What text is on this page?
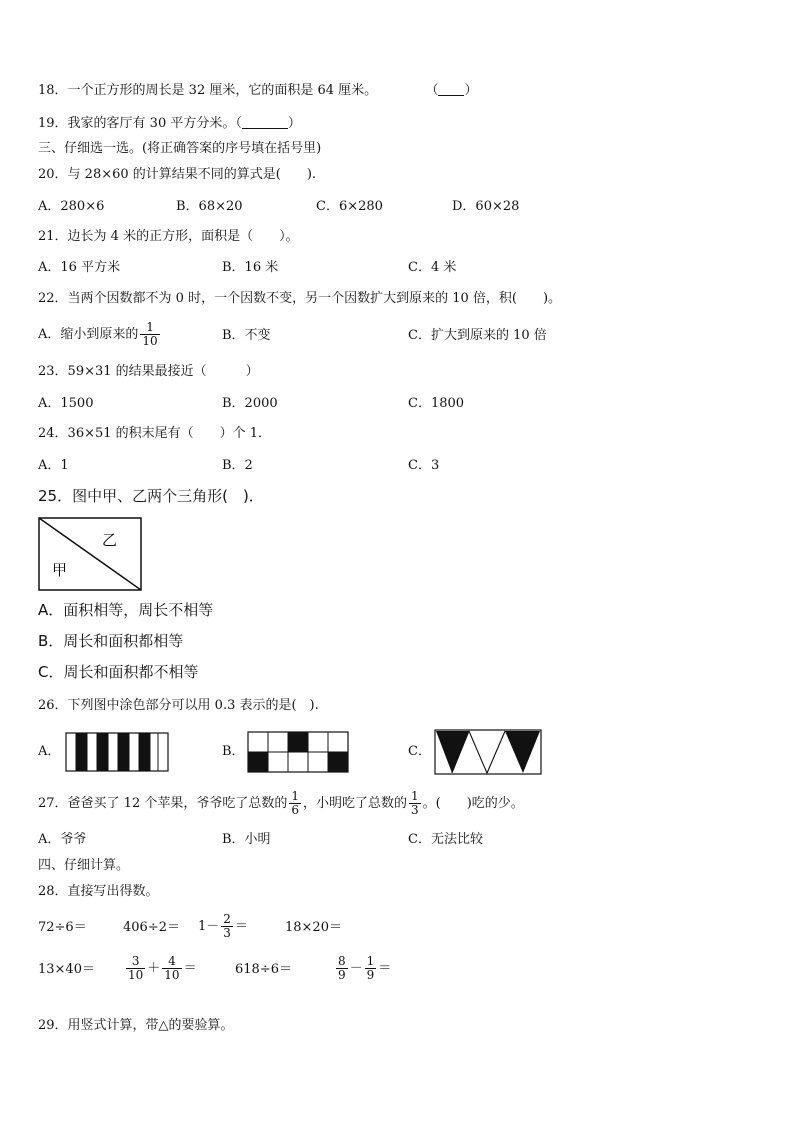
18．一个正方形的周长是 32 厘米，它的面积是 64 厘米。	（ ）
19．我家的客厅有 30 平方分米。（	）
三、仔细选一选。(将正确答案的序号填在括号里)
20．与 28×60 的计算结果不同的算式是(　　).
A．280×6	B．68×20	C．6×280	D．60×28
21．边长为 4 米的正方形，面积是（　　）。
A．16 平方米	B．16 米	C．4 米
22．当两个因数都不为 0 时，一个因数不变，另一个因数扩大到原来的 10 倍，积(　　)。
A．缩小到原来的 $\frac{1}{10}$	B．不变	C．扩大到原来的 10 倍
23．59×31 的结果最接近（　　　）
A．1500	B．2000	C．1800
24．36×51 的积末尾有（　　）个 1．
A．1	B．2	C．3
25．图中甲、乙两个三角形(　)．
乙
甲
A．面积相等，周长不相等
B．周长和面积都相等
C．周长和面积都不相等
26．下列图中涂色部分可以用 0.3 表示的是(　).
A．	B．	C．
27．爸爸买了 12 个苹果，爷爷吃了总数的 $\frac{1}{6}$ ，小明吃了总数的 $\frac{1}{3}$ 。(　　)吃的少。
A．爷爷	B．小明	C．无法比较
四、仔细计算。
28．直接写出得数。
72÷6＝	$406\div 2= 1- \frac{2}{3}$ ＝	18×20＝
13×40＝	$\frac{3}{10} + \frac{4}{10}$ ＝	618÷6＝	$\frac{8}{9} - \frac{1}{9}$ ＝
29．用竖式计算，带△的要验算。
